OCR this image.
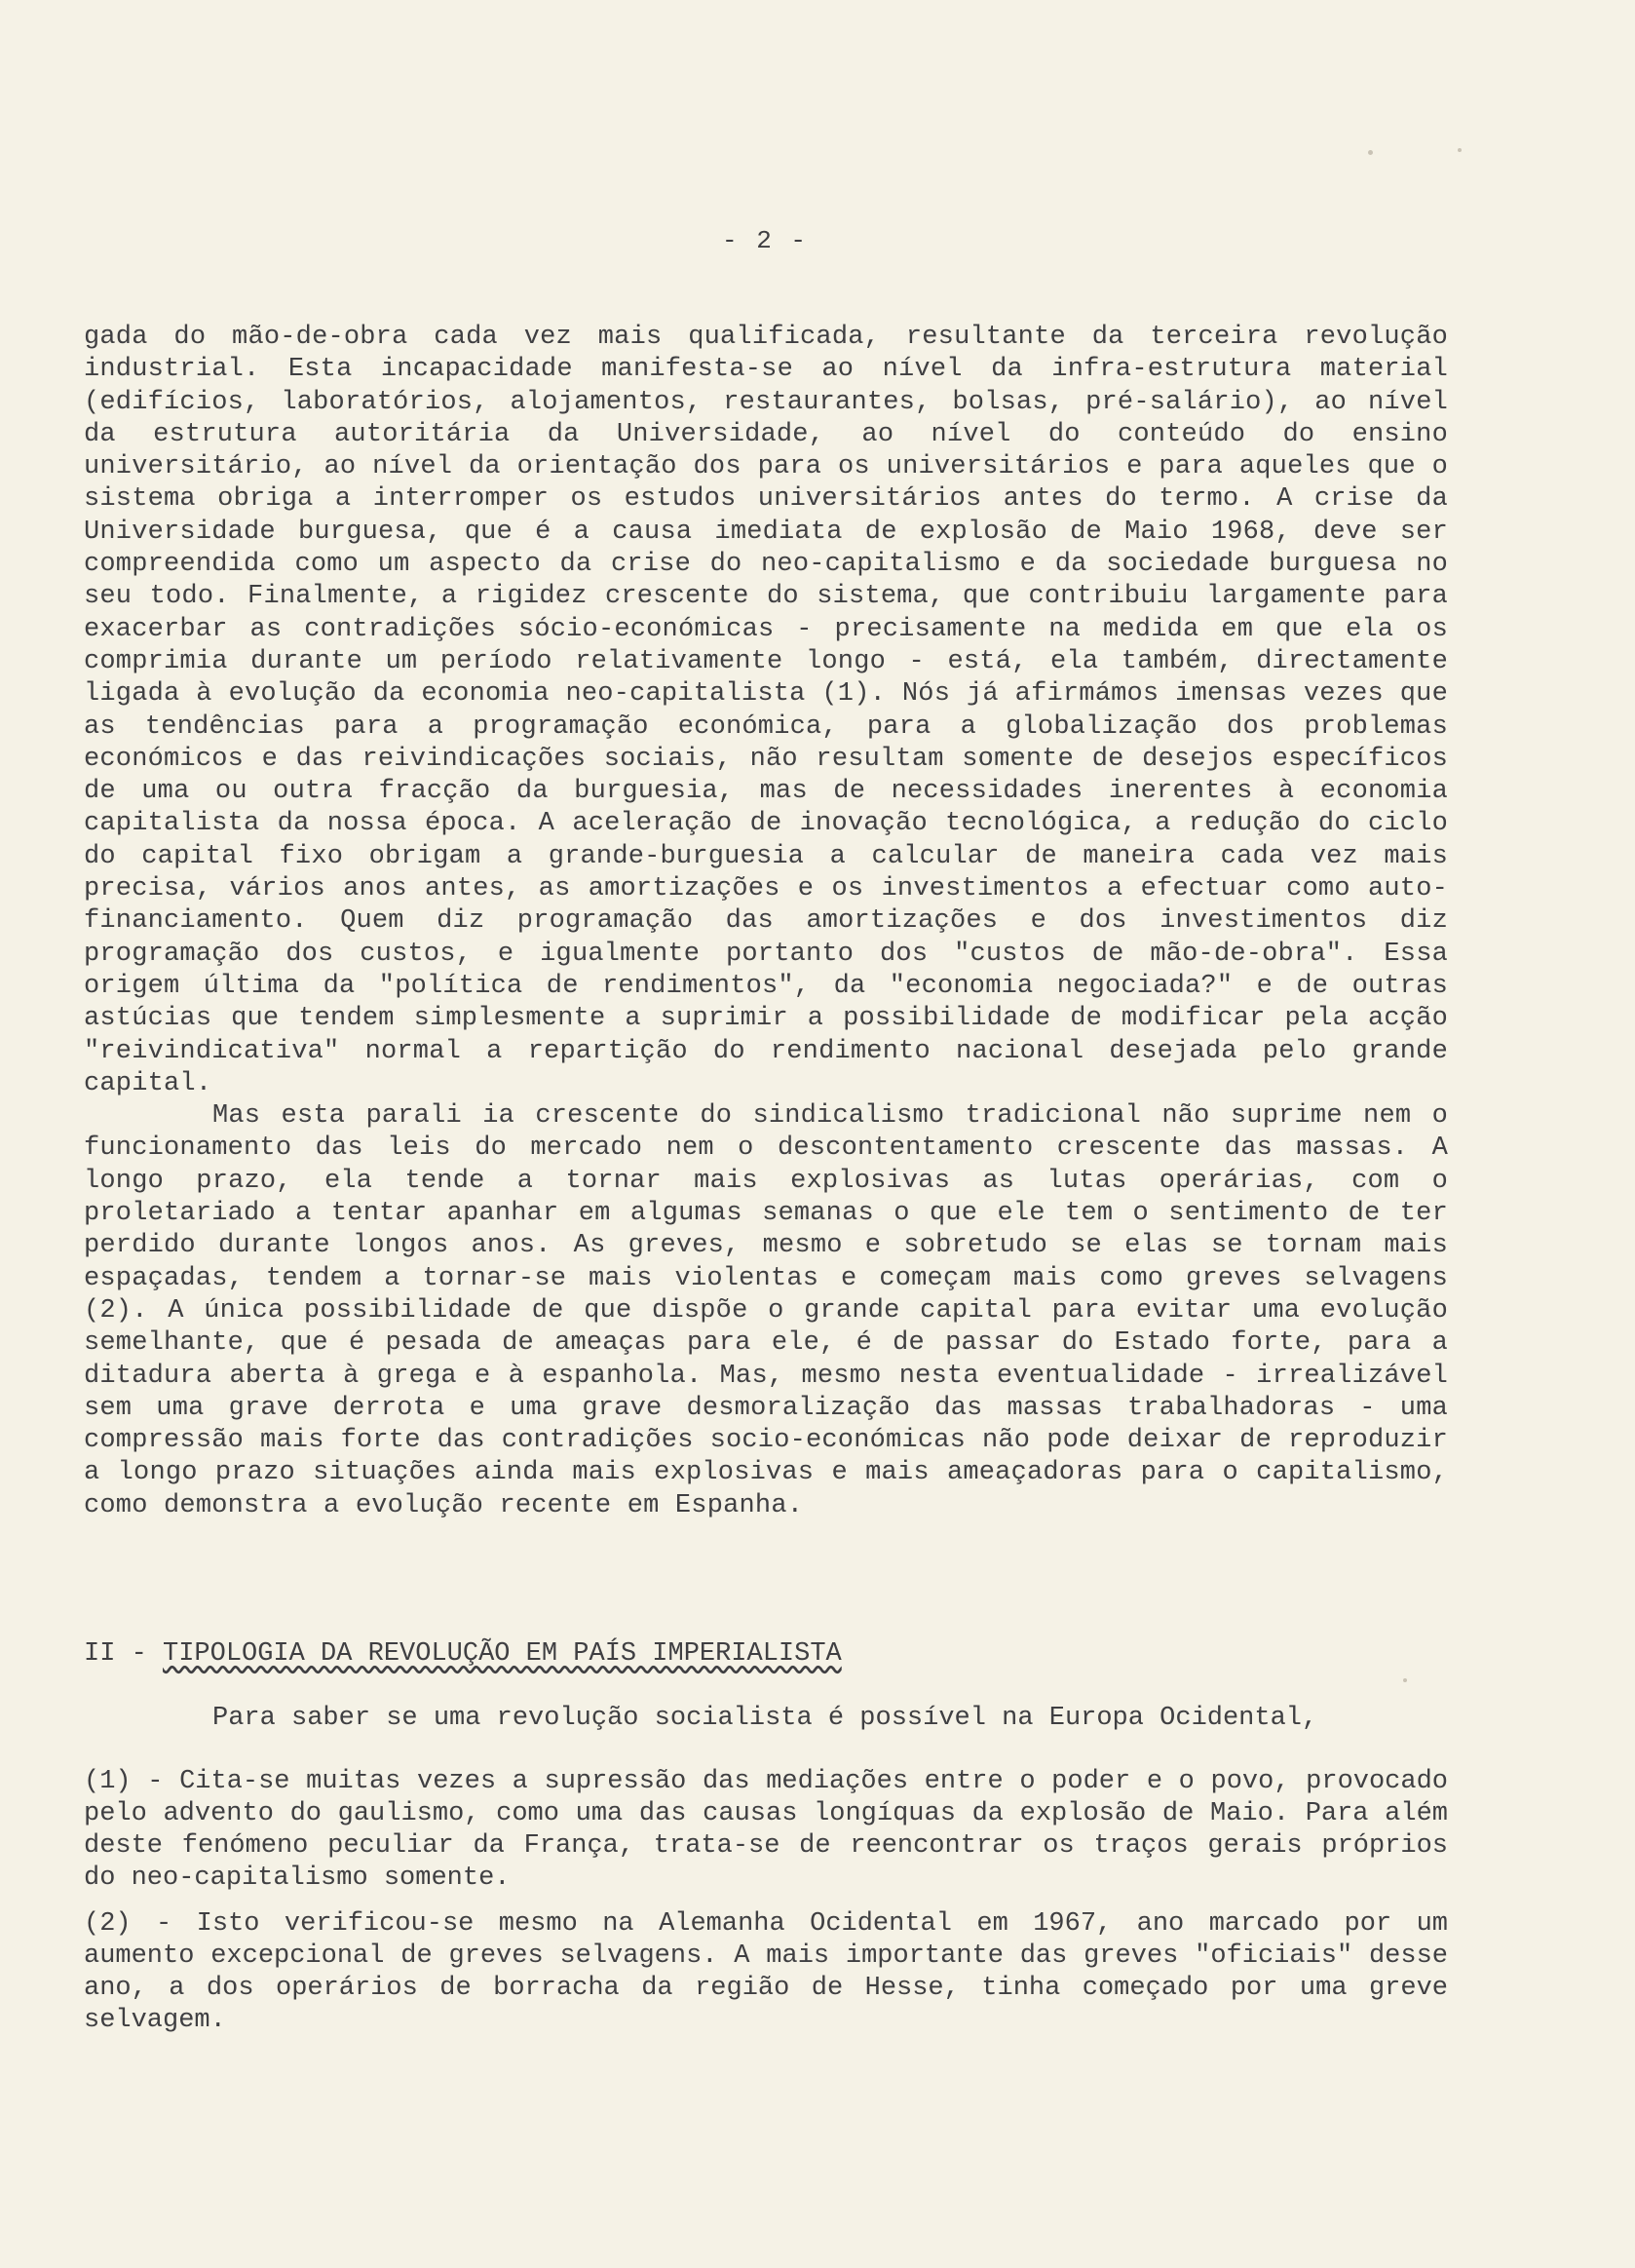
- 2 -

gada do mão-de-obra cada vez mais qualificada, resultante da terceira revolução industrial. Esta incapacidade manifesta-se ao nível da infra-estrutura material (edifícios, laboratórios, alojamentos, restaurantes, bolsas, pré-salário), ao nível da estrutura autoritária da Universidade, ao nível do conteúdo do ensino universitário, ao nível da orientação dos para os universitários e para aqueles que o sistema obriga a interromper os estudos universitários antes do termo. A crise da Universidade burguesa, que é a causa imediata de explosão de Maio 1968, deve ser compreendida como um aspecto da crise do neo-capitalismo e da sociedade burguesa no seu todo. Finalmente, a rigidez crescente do sistema, que contribuiu largamente para exacerbar as contradições sócio-económicas - precisamente na medida em que ela os comprimia durante um período relativamente longo - está, ela também, directamente ligada à evolução da economia neo-capitalista (1). Nós já afirmámos imensas vezes que as tendências para a programação económica, para a globalização dos problemas económicos e das reivindicações sociais, não resultam somente de desejos específicos de uma ou outra fracção da burguesia, mas de necessidades inerentes à economia capitalista da nossa época. A aceleração de inovação tecnológica, a redução do ciclo do capital fixo obrigam a grande-burguesia a calcular de maneira cada vez mais precisa, vários anos antes, as amortizações e os investimentos a efectuar como auto-financiamento. Quem diz programação das amortizações e dos investimentos diz programação dos custos, e igualmente portanto dos "custos de mão-de-obra". Essa origem última da "política de rendimentos", da "economia negociada?" e de outras astúcias que tendem simplesmente a suprimir a possibilidade de modificar pela acção "reivindicativa" normal a repartição do rendimento nacional desejada pelo grande capital.

Mas esta parali ia crescente do sindicalismo tradicional não suprime nem o funcionamento das leis do mercado nem o descontentamento crescente das massas. A longo prazo, ela tende a tornar mais explosivas as lutas operárias, com o proletariado a tentar apanhar em algumas semanas o que ele tem o sentimento de ter perdido durante longos anos. As greves, mesmo e sobretudo se elas se tornam mais espaçadas, tendem a tornar-se mais violentas e começam mais como greves selvagens (2). A única possibilidade de que dispõe o grande capital para evitar uma evolução semelhante, que é pesada de ameaças para ele, é de passar do Estado forte, para a ditadura aberta à grega e à espanhola. Mas, mesmo nesta eventualidade - irrealizável sem uma grave derrota e uma grave desmoralização das massas trabalhadoras - uma compressão mais forte das contradições socio-económicas não pode deixar de reproduzir a longo prazo situações ainda mais explosivas e mais ameaçadoras para o capitalismo, como demonstra a evolução recente em Espanha.

II - TIPOLOGIA DA REVOLUÇÃO EM PAÍS IMPERIALISTA
Para saber se uma revolução socialista é possível na Europa Ocidental,

(1) - Cita-se muitas vezes a supressão das mediações entre o poder e o povo, provocado pelo advento do gaulismo, como uma das causas longíquas da explosão de Maio. Para além deste fenómeno peculiar da França, trata-se de reencontrar os traços gerais próprios do neo-capitalismo somente.

(2) - Isto verificou-se mesmo na Alemanha Ocidental em 1967, ano marcado por um aumento excepcional de greves selvagens. A mais importante das greves "oficiais" desse ano, a dos operários de borracha da região de Hesse, tinha começado por uma greve selvagem.
